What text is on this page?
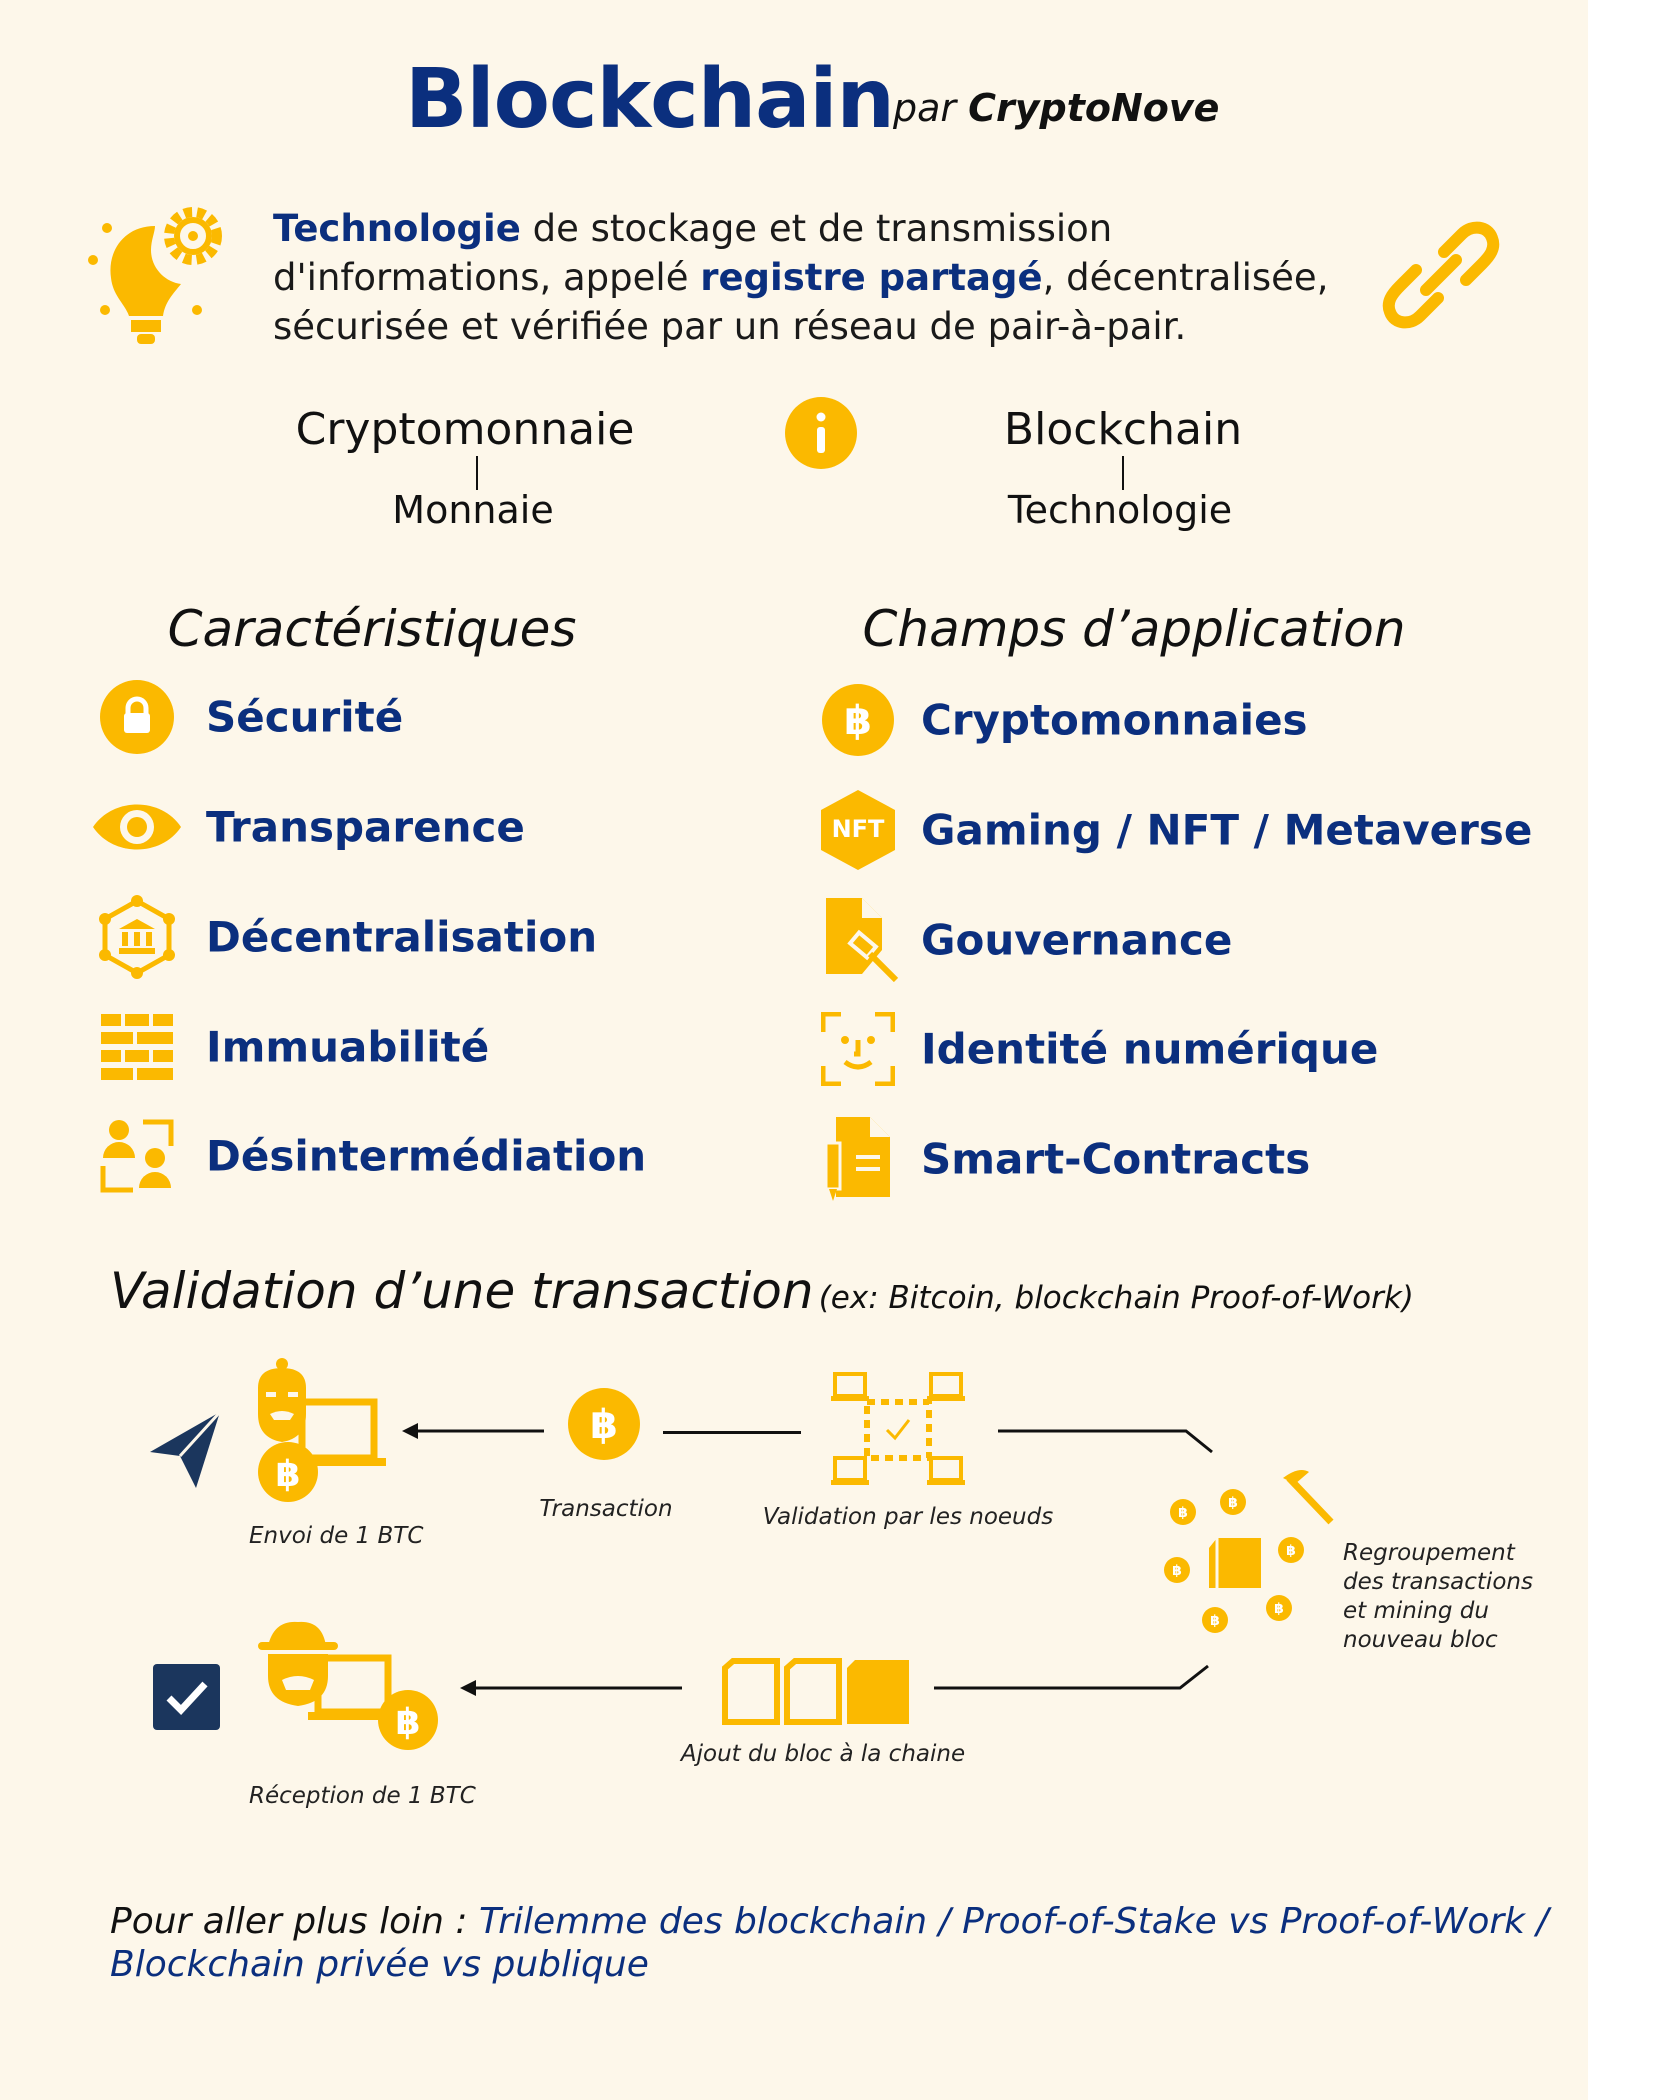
Blockchain par CryptoNove
Technologie de stockage et de transmission d'informations, appelé registre partagé, décentralisée, sécurisée et vérifiée par un réseau de pair-à-pair.
Cryptomonnaie
Monnaie
Blockchain
Technologie
Caractéristiques	Champs d’application
Sécurité
Transparence
Décentralisation
Immuabilité
Désintermédiation
฿
NFT
Cryptomonnaies
Gaming / NFT / Metaverse
Gouvernance
Identité numérique
Smart-Contracts
Validation d’une transaction (ex: Bitcoin, blockchain Proof-of-Work)
฿
Envoi de 1 BTC
฿
Transaction	Validation par les noeuds	฿
฿
฿
฿
฿
฿
Regroupement
des transactions
et mining du
nouveau bloc
Ajout du bloc à la chaine
฿
Réception de 1 BTC
Pour aller plus loin : Trilemme des blockchain / Proof-of-Stake vs Proof-of-Work /
Blockchain privée vs publique
